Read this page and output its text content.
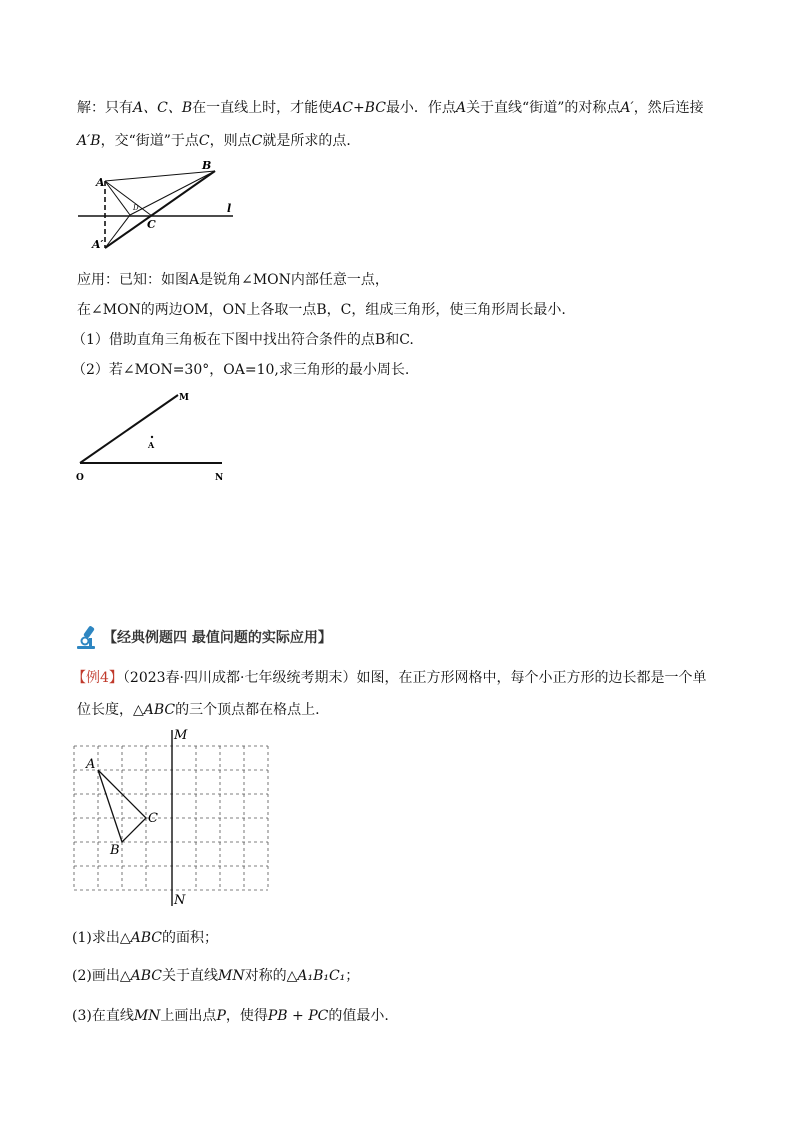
解：只有A、C、B在一直线上时，才能使AC+BC最小．作点A关于直线“街道”的对称点A′，然后连接
A′B，交“街道”于点C，则点C就是所求的点．
A
A′
B
C
D	l
应用：已知：如图A是锐角∠MON内部任意一点，
在∠MON的两边OM，ON上各取一点B，C，组成三角形，使三角形周长最小.
（1）借助直角三角板在下图中找出符合条件的点B和C.
（2）若∠MON=30°，OA=10,求三角形的最小周长.
O	N
M
A
【经典例题四 最值问题的实际应用】
【例4】（2023春·四川成都·七年级统考期末）如图，在正方形网格中，每个小正方形的边长都是一个单
位长度，△ABC的三个顶点都在格点上.
M
N
A
B
C
(1)求出△ABC的面积；
(2)画出△ABC关于直线MN对称的△A₁B₁C₁；
(3)在直线MN上画出点P，使得PB + PC的值最小.
